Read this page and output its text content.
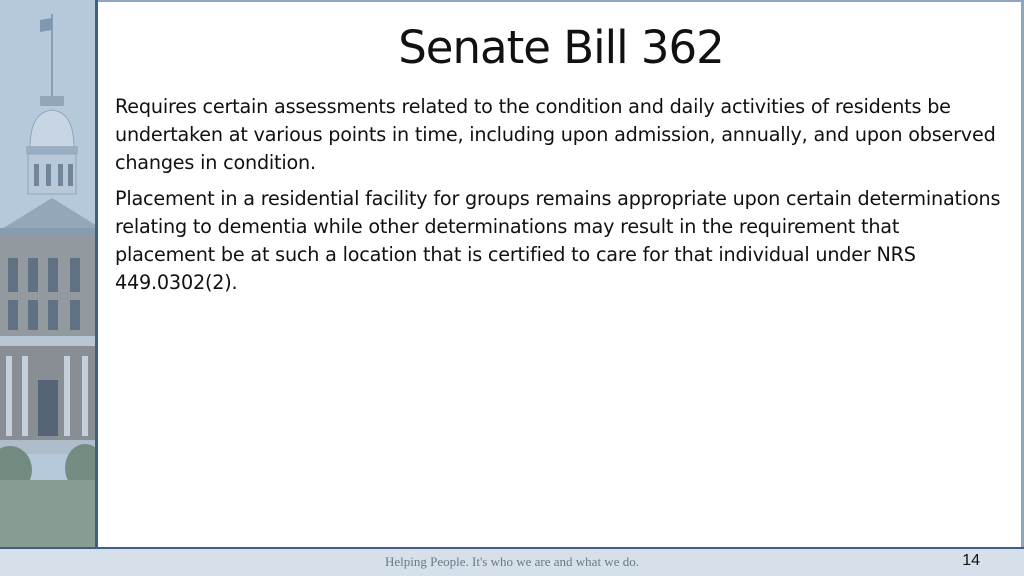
Senate Bill 362

Requires certain assessments related to the condition and daily activities of residents be undertaken at various points in time, including upon admission, annually, and upon observed changes in condition.

Placement in a residential facility for groups remains appropriate upon certain determinations relating to dementia while other determinations may result in the requirement that placement be at such a location that is certified to care for that individual under NRS 449.0302(2).

Helping People. It's who we are and what we do.	14
